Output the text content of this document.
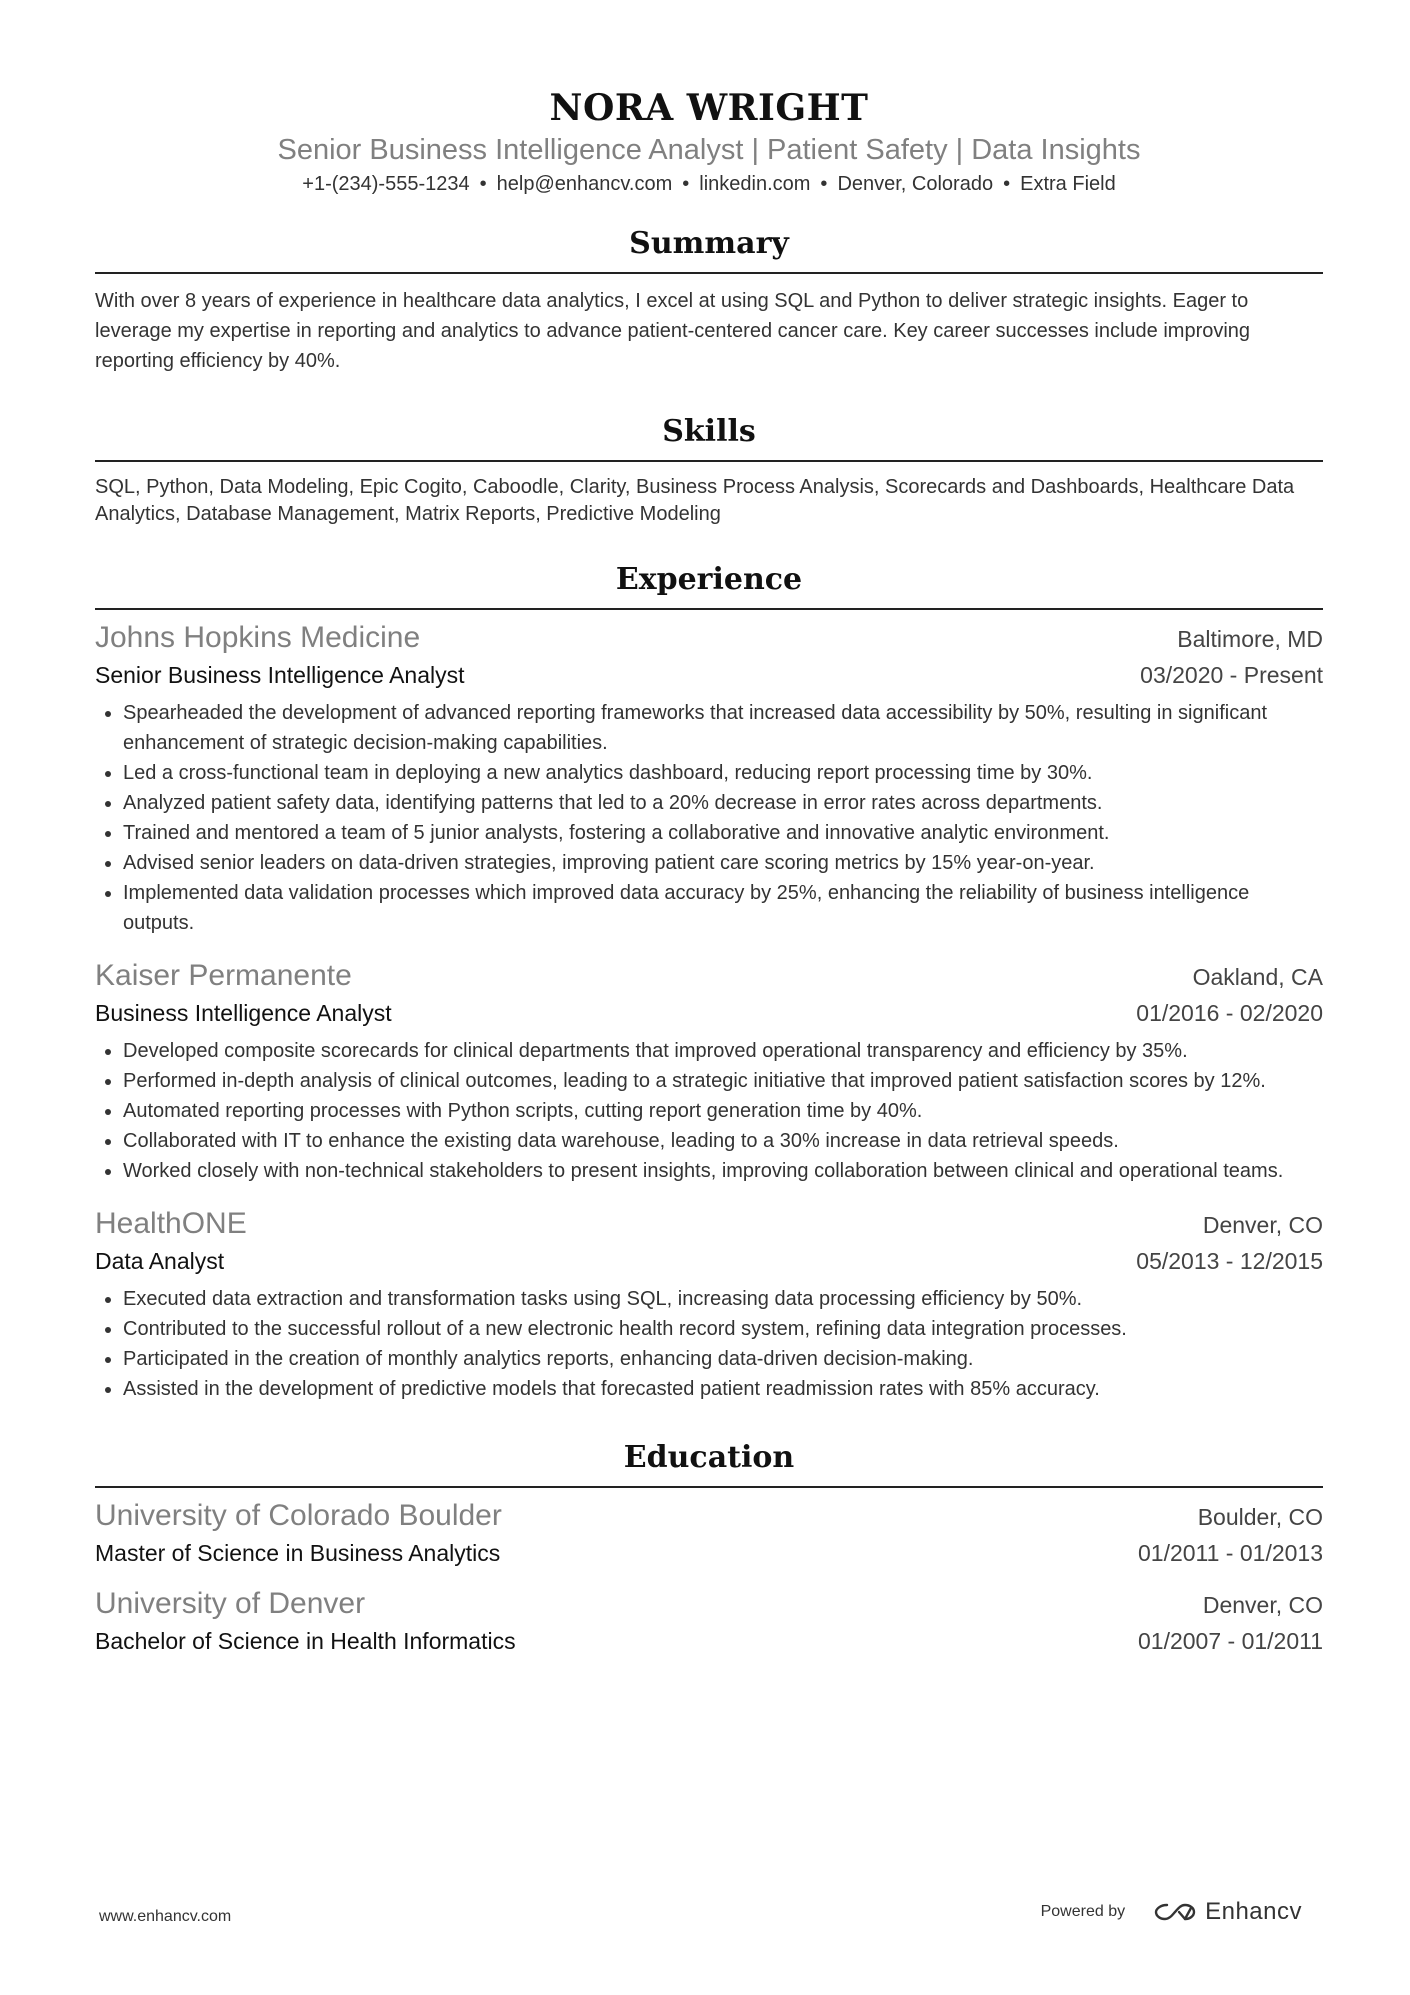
NORA WRIGHT
Senior Business Intelligence Analyst | Patient Safety | Data Insights
+1-(234)-555-1234 • help@enhancv.com • linkedin.com • Denver, Colorado • Extra Field
Summary

With over 8 years of experience in healthcare data analytics, I excel at using SQL and Python to deliver strategic insights. Eager to leverage my expertise in reporting and analytics to advance patient-centered cancer care. Key career successes include improving reporting efficiency by 40%.

Skills

SQL, Python, Data Modeling, Epic Cogito, Caboodle, Clarity, Business Process Analysis, Scorecards and Dashboards, Healthcare Data Analytics, Database Management, Matrix Reports, Predictive Modeling

Experience
Johns Hopkins Medicine	Baltimore, MD
Senior Business Intelligence Analyst	03/2020 - Present
• Spearheaded the development of advanced reporting frameworks that increased data accessibility by 50%, resulting in significant enhancement of strategic decision-making capabilities.
• Led a cross-functional team in deploying a new analytics dashboard, reducing report processing time by 30%.
• Analyzed patient safety data, identifying patterns that led to a 20% decrease in error rates across departments.
• Trained and mentored a team of 5 junior analysts, fostering a collaborative and innovative analytic environment.
• Advised senior leaders on data-driven strategies, improving patient care scoring metrics by 15% year-on-year.
• Implemented data validation processes which improved data accuracy by 25%, enhancing the reliability of business intelligence outputs.
Kaiser Permanente	Oakland, CA
Business Intelligence Analyst	01/2016 - 02/2020
• Developed composite scorecards for clinical departments that improved operational transparency and efficiency by 35%.
• Performed in-depth analysis of clinical outcomes, leading to a strategic initiative that improved patient satisfaction scores by 12%.
• Automated reporting processes with Python scripts, cutting report generation time by 40%.
• Collaborated with IT to enhance the existing data warehouse, leading to a 30% increase in data retrieval speeds.
• Worked closely with non-technical stakeholders to present insights, improving collaboration between clinical and operational teams.
HealthONE	Denver, CO
Data Analyst	05/2013 - 12/2015
• Executed data extraction and transformation tasks using SQL, increasing data processing efficiency by 50%.
• Contributed to the successful rollout of a new electronic health record system, refining data integration processes.
• Participated in the creation of monthly analytics reports, enhancing data-driven decision-making.
• Assisted in the development of predictive models that forecasted patient readmission rates with 85% accuracy.
Education
University of Colorado Boulder	Boulder, CO
Master of Science in Business Analytics	01/2011 - 01/2013
University of Denver	Denver, CO
Bachelor of Science in Health Informatics	01/2007 - 01/2011
www.enhancv.com	Powered by	Enhancv
